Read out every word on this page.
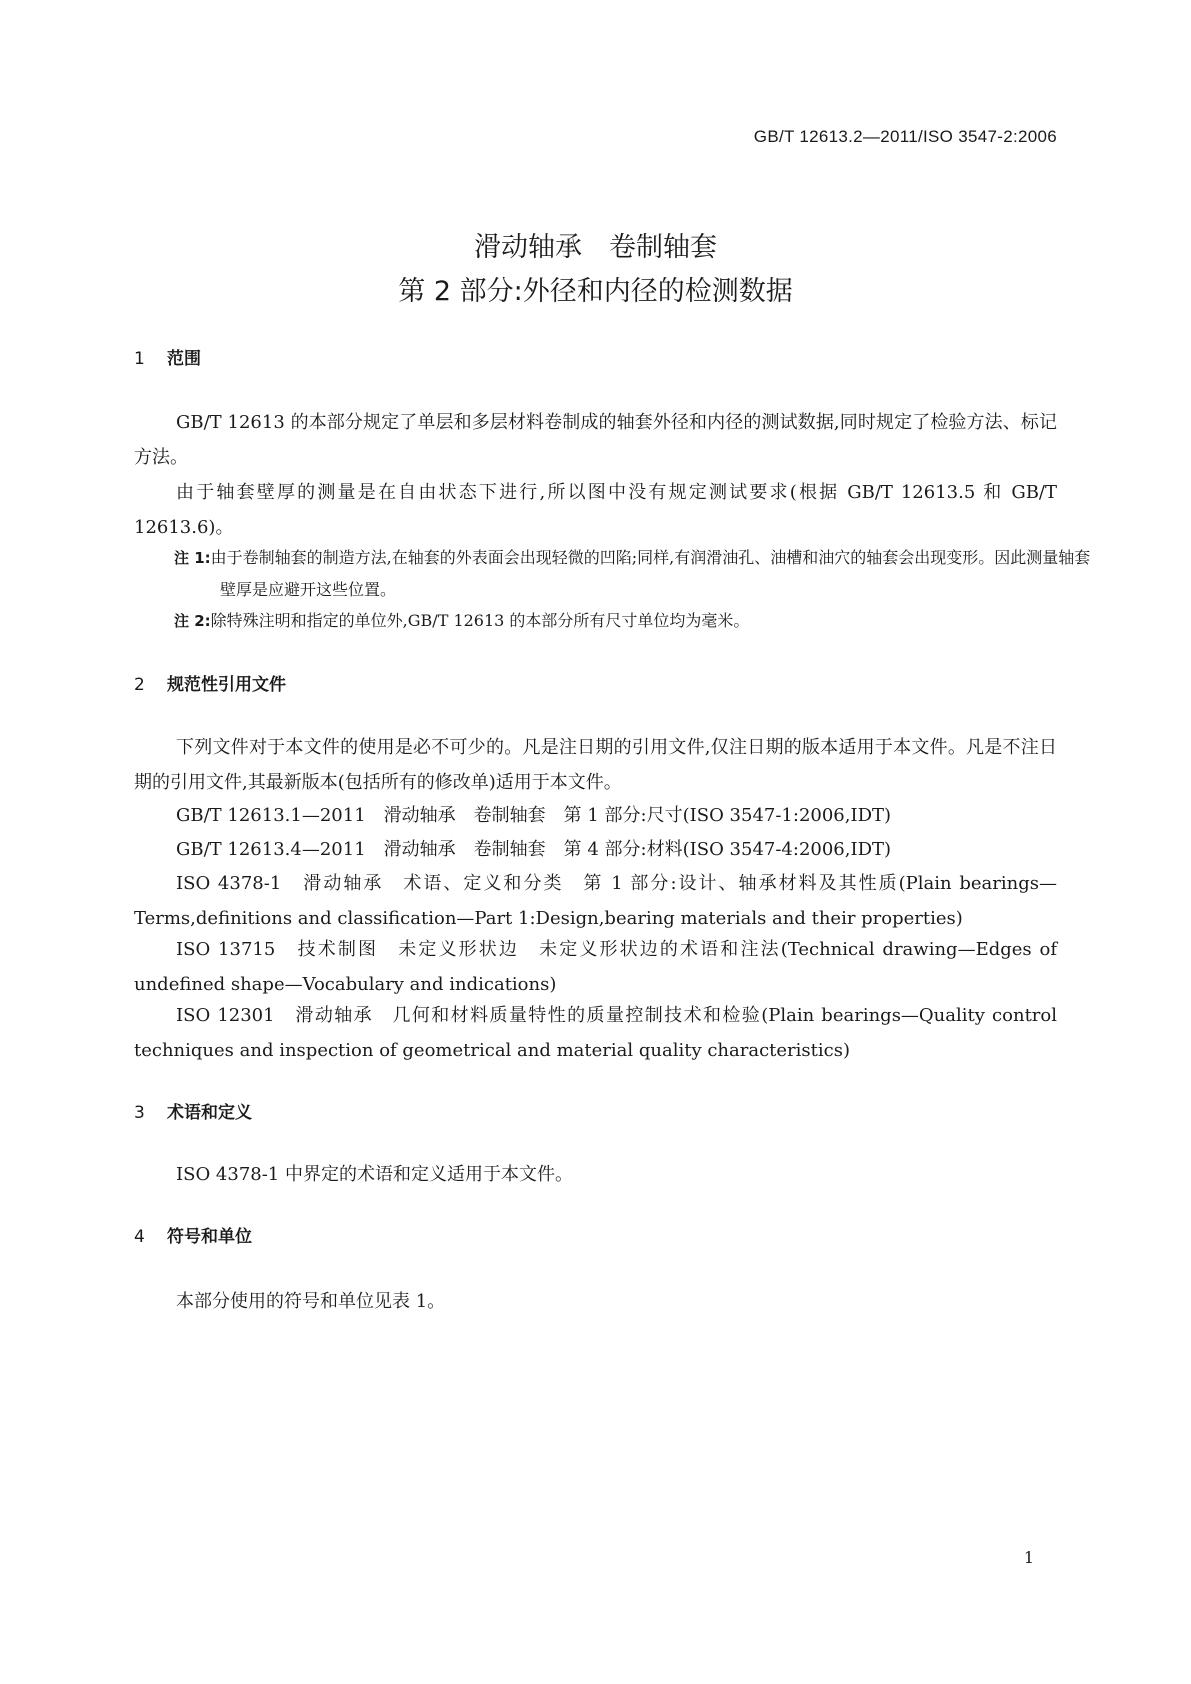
GB/T 12613.2—2011/ISO 3547-2:2006
滑动轴承　卷制轴套
第 2 部分:外径和内径的检测数据
1 范围

GB/T 12613 的本部分规定了单层和多层材料卷制成的轴套外径和内径的测试数据,同时规定了检验方法、标记方法。

由于轴套壁厚的测量是在自由状态下进行,所以图中没有规定测试要求(根据 GB/T 12613.5 和 GB/T 12613.6)。

注 1:由于卷制轴套的制造方法,在轴套的外表面会出现轻微的凹陷;同样,有润滑油孔、油槽和油穴的轴套会出现变形。因此测量轴套壁厚是应避开这些位置。

注 2:除特殊注明和指定的单位外,GB/T 12613 的本部分所有尺寸单位均为毫米。

2 规范性引用文件

下列文件对于本文件的使用是必不可少的。凡是注日期的引用文件,仅注日期的版本适用于本文件。凡是不注日期的引用文件,其最新版本(包括所有的修改单)适用于本文件。

GB/T 12613.1—2011　滑动轴承　卷制轴套　第 1 部分:尺寸(ISO 3547-1:2006,IDT)

GB/T 12613.4—2011　滑动轴承　卷制轴套　第 4 部分:材料(ISO 3547-4:2006,IDT)

ISO 4378-1　滑动轴承　术语、定义和分类　第 1 部分:设计、轴承材料及其性质(Plain bearings—Terms,definitions and classification—Part 1:Design,bearing materials and their properties)

ISO 13715　技术制图　未定义形状边　未定义形状边的术语和注法(Technical drawing—Edges of undefined shape—Vocabulary and indications)

ISO 12301　滑动轴承　几何和材料质量特性的质量控制技术和检验(Plain bearings—Quality control techniques and inspection of geometrical and material quality characteristics)

3 术语和定义

ISO 4378-1 中界定的术语和定义适用于本文件。

4 符号和单位

本部分使用的符号和单位见表 1。

1
